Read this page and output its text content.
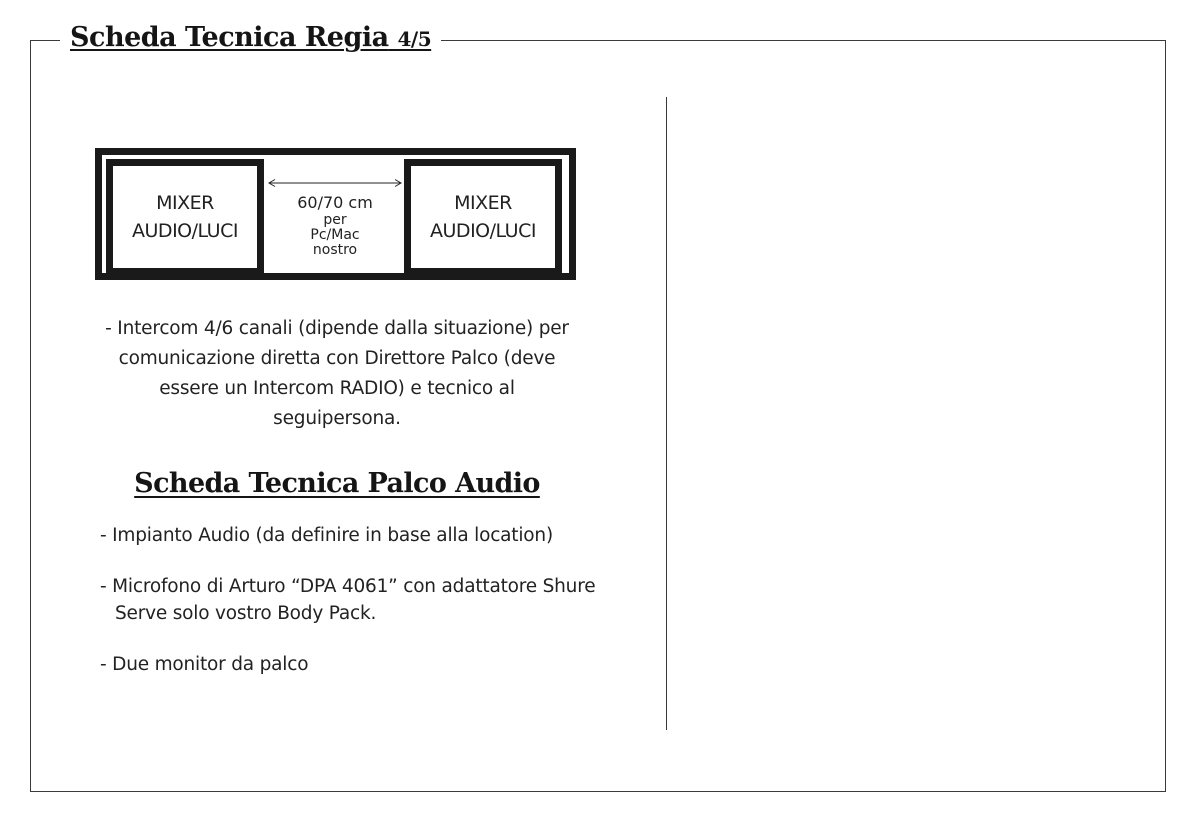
Scheda Tecnica Regia 4/5
MIXER
AUDIO/LUCI
60/70 cm
per
Pc/Mac
nostro
MIXER
AUDIO/LUCI
- Intercom 4/6 canali (dipende dalla situazione) per
comunicazione diretta con Direttore Palco (deve
essere un Intercom RADIO) e tecnico al
seguipersona.
Scheda Tecnica Palco Audio
- Impianto Audio (da definire in base alla location)
- Microfono di Arturo “DPA 4061” con adattatore Shure
Serve solo vostro Body Pack.
- Due monitor da palco
